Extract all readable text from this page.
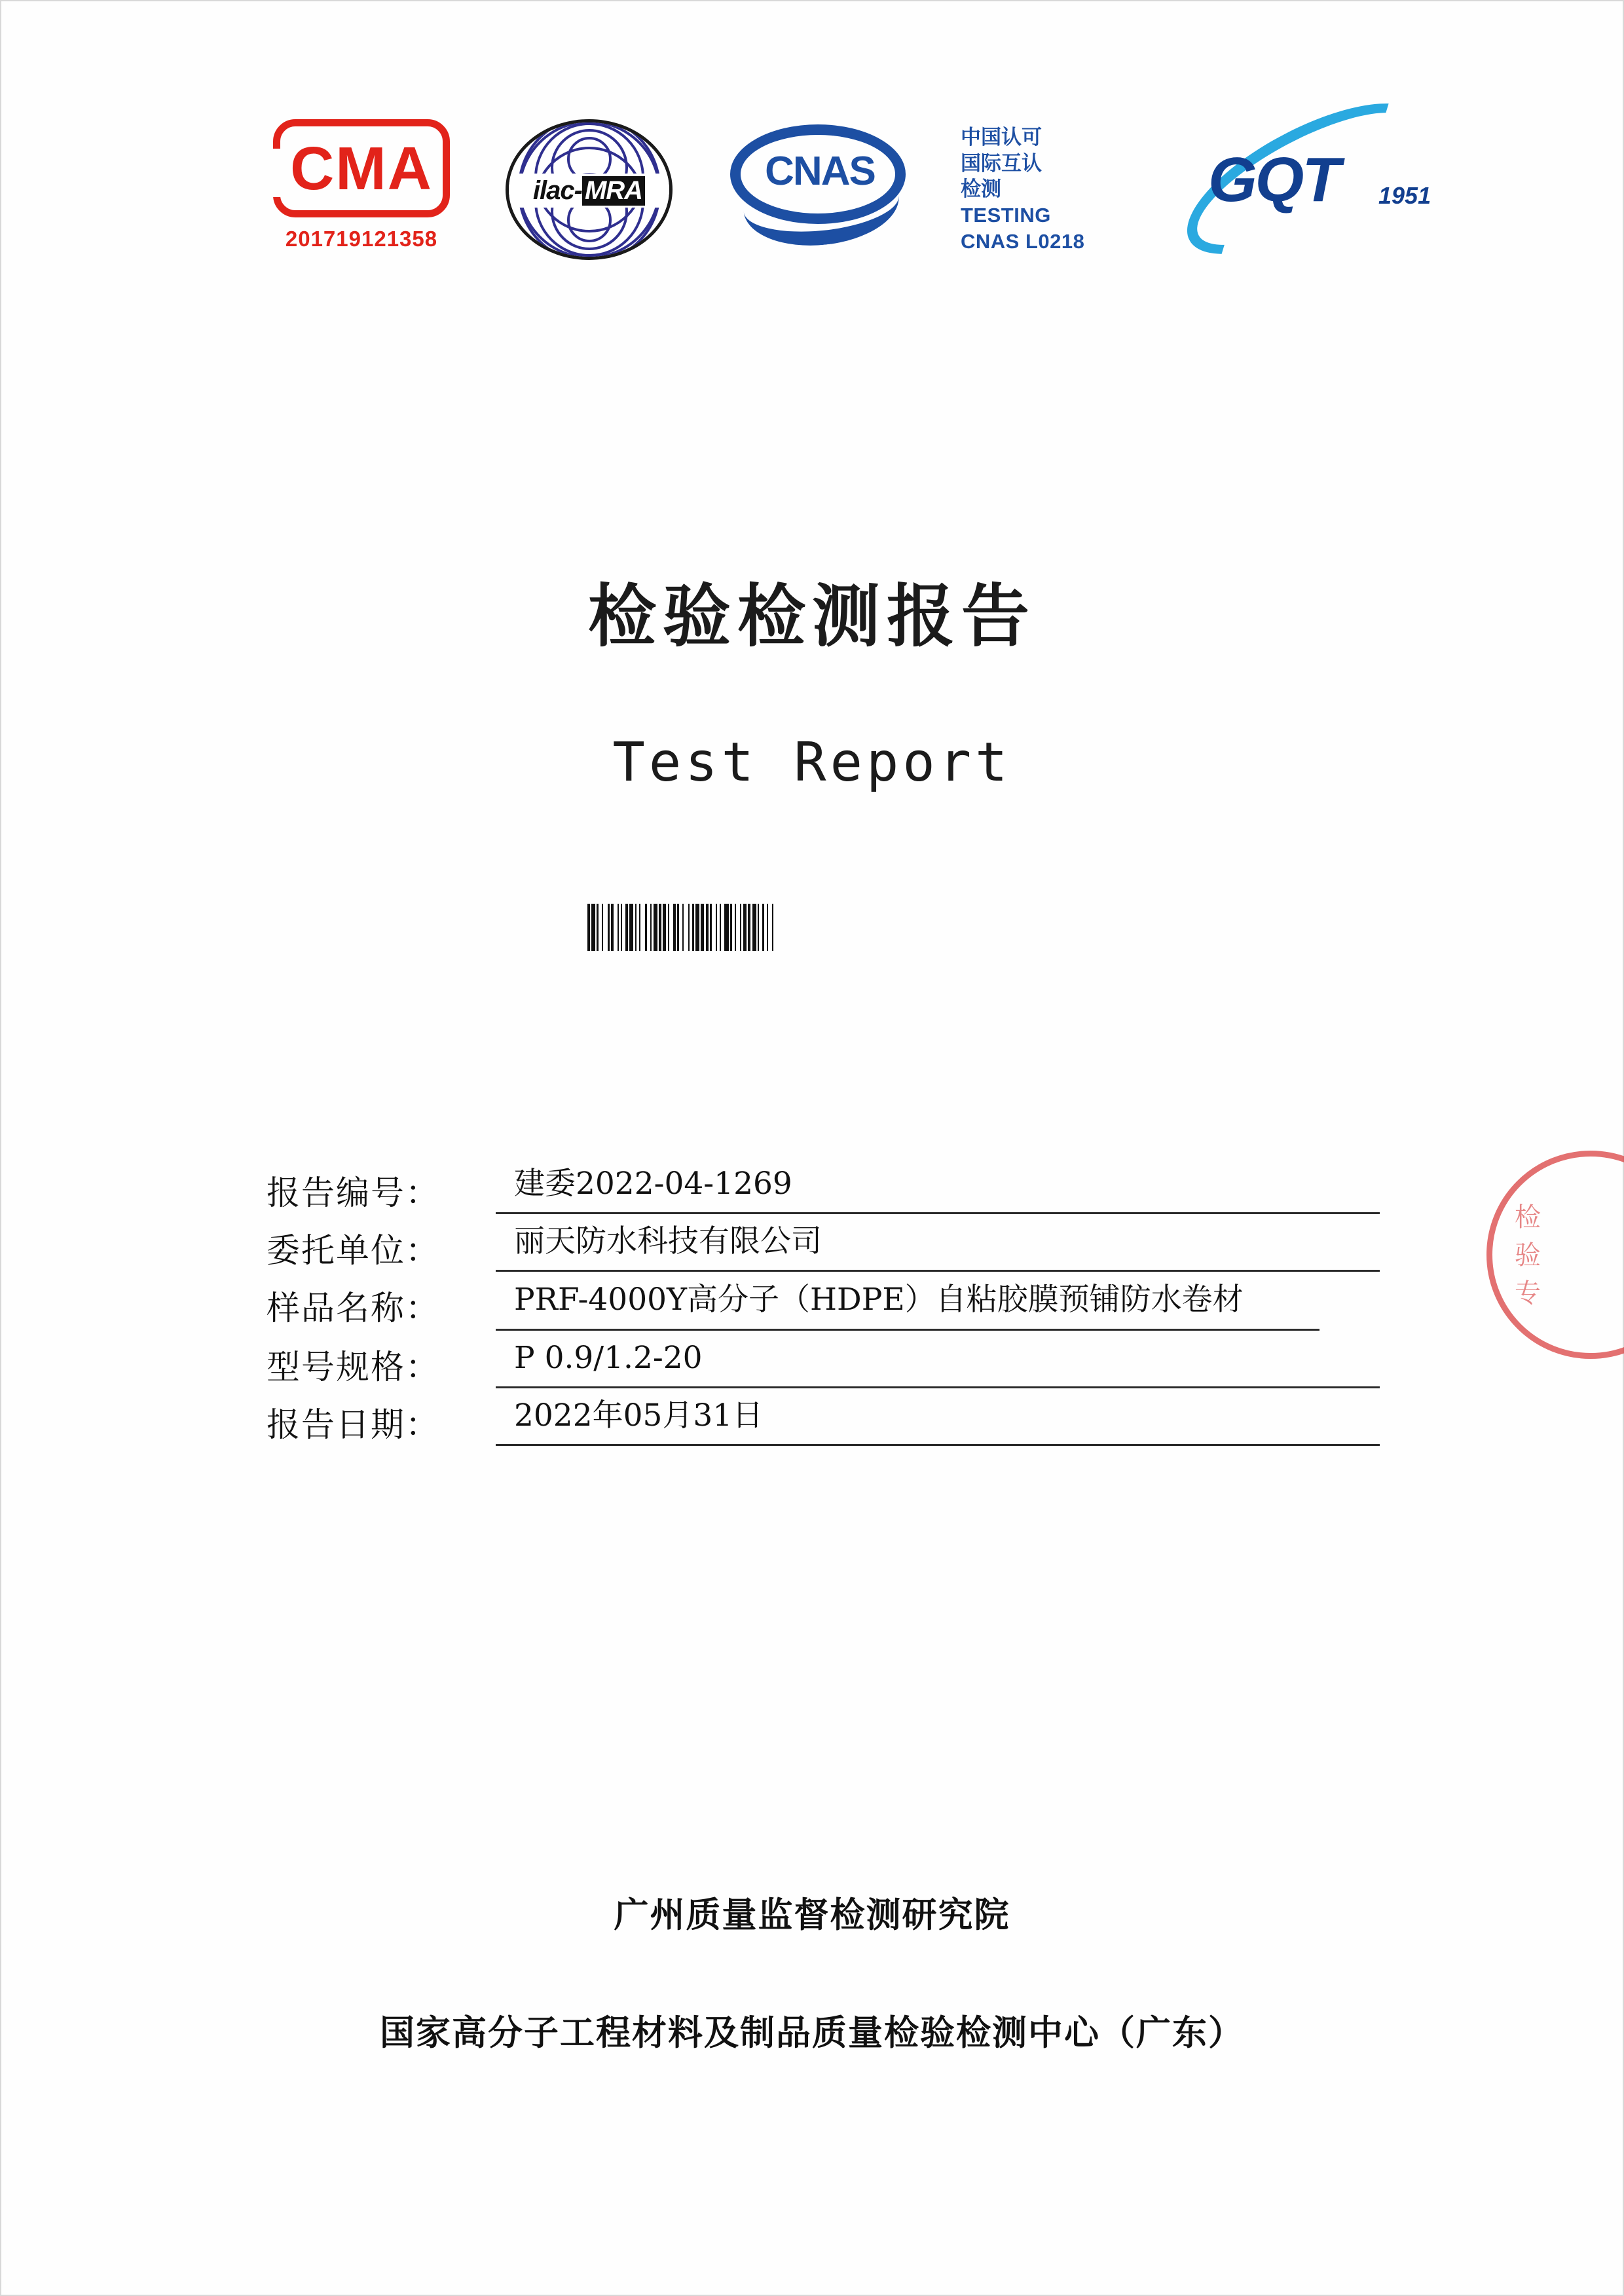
CMA
201719121358
ilac- MRA	CNAS
中国认可
国际互认
检测
TESTING
CNAS L0218
GQT 1951
检验检测报告
Test Report
报告编号：	建委2022-04-1269
委托单位：	丽天防水科技有限公司
样品名称：	PRF-4000Y高分子（HDPE）自粘胶膜预铺防水卷材
型号规格：	P 0.9/1.2-20
报告日期：	2022年05月31日
检
验
专
广州质量监督检测研究院
国家高分子工程材料及制品质量检验检测中心（广东）
